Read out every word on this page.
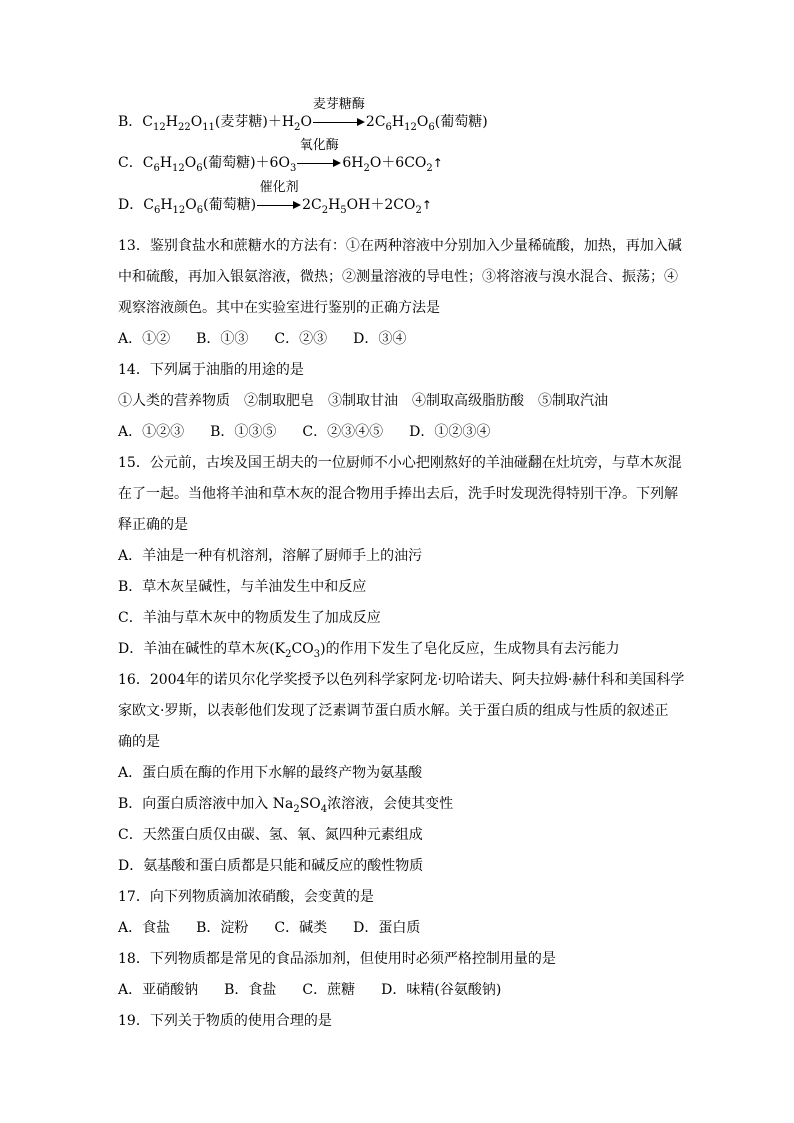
B．$C_{12}H_{22}O_{11}$(麦芽糖)$+H_2O$
麦芽糖酶
$2C_6H_{12}O_6$(葡萄糖)
C．$C_6H_{12}O_6$(葡萄糖)$+6O_3$
氧化酶
$6H_2O+6CO_2↑$
D．$C_6H_{12}O_6$(葡萄糖)
催化剂
$2C_2H_5OH+2CO_2↑$
13．鉴别食盐水和蔗糖水的方法有：①在两种溶液中分别加入少量稀硫酸，加热，再加入碱
中和硫酸，再加入银氨溶液，微热；②测量溶液的导电性；③将溶液与溴水混合、振荡；④
观察溶液颜色。其中在实验室进行鉴别的正确方法是
A．①② B．①③ C．②③ D．③④
14．下列属于油脂的用途的是
①人类的营养物质　②制取肥皂　③制取甘油　④制取高级脂肪酸　⑤制取汽油
A．①②③ B．①③⑤ C．②③④⑤ D．①②③④
15．公元前，古埃及国王胡夫的一位厨师不小心把刚熬好的羊油碰翻在灶坑旁，与草木灰混
在了一起。当他将羊油和草木灰的混合物用手捧出去后，洗手时发现洗得特别干净。下列解
释正确的是
A．羊油是一种有机溶剂，溶解了厨师手上的油污
B．草木灰呈碱性，与羊油发生中和反应
C．羊油与草木灰中的物质发生了加成反应
D．羊油在碱性的草木灰$(K_2CO_3)$的作用下发生了皂化反应，生成物具有去污能力
16．2004年的诺贝尔化学奖授予以色列科学家阿龙·切哈诺夫、阿夫拉姆·赫什科和美国科学
家欧文·罗斯，以表彰他们发现了泛素调节蛋白质水解。关于蛋白质的组成与性质的叙述正
确的是
A．蛋白质在酶的作用下水解的最终产物为氨基酸
B．向蛋白质溶液中加入 $Na_2SO_4$浓溶液，会使其变性
C．天然蛋白质仅由碳、氢、氧、氮四种元素组成
D．氨基酸和蛋白质都是只能和碱反应的酸性物质
17．向下列物质滴加浓硝酸，会变黄的是
A．食盐 B．淀粉 C．碱类 D．蛋白质
18．下列物质都是常见的食品添加剂，但使用时必须严格控制用量的是
A．亚硝酸钠 B．食盐 C．蔗糖 D．味精(谷氨酸钠)
19．下列关于物质的使用合理的是
